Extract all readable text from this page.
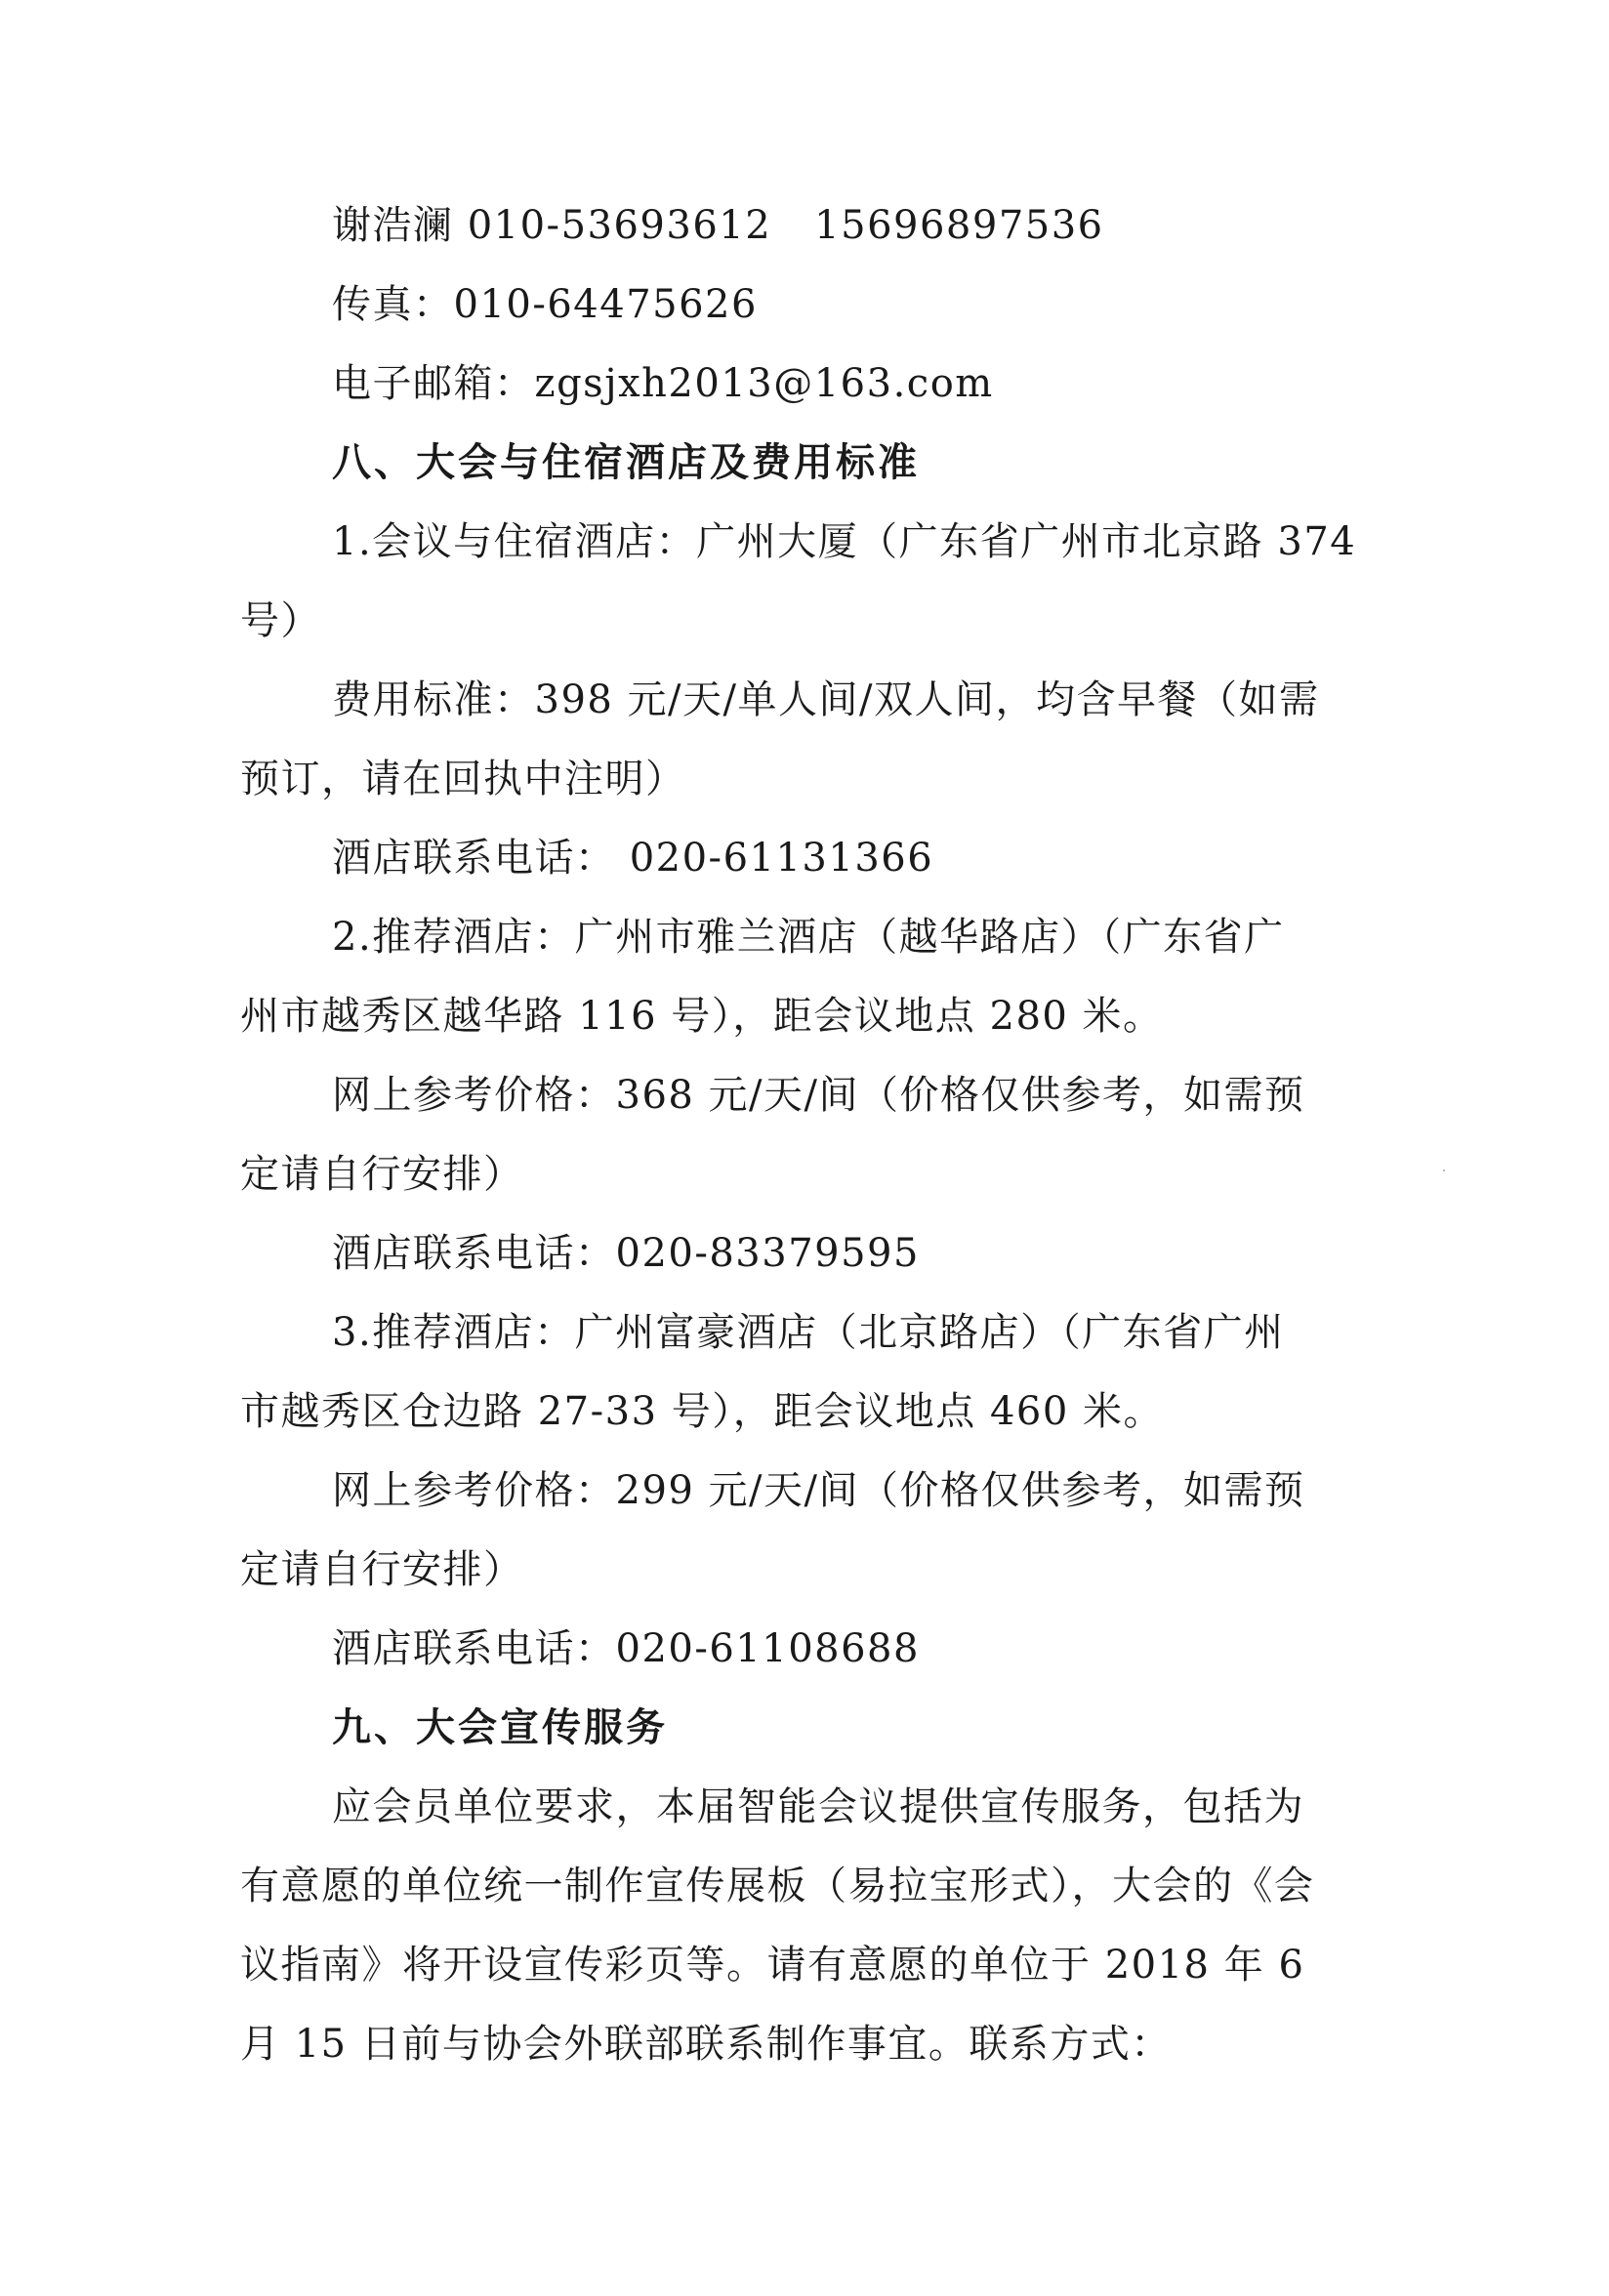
谢浩澜 010-53693612 15696897536

传真：010-64475626

电子邮箱：zgsjxh2013@163.com

八、大会与住宿酒店及费用标准

1.会议与住宿酒店：广州大厦（广东省广州市北京路 374

号）

费用标准：398 元/天/单人间/双人间，均含早餐（如需

预订，请在回执中注明）

酒店联系电话： 020-61131366

2.推荐酒店：广州市雅兰酒店（越华路店）（广东省广

州市越秀区越华路 116 号），距会议地点 280 米。

网上参考价格：368 元/天/间（价格仅供参考，如需预

定请自行安排）

酒店联系电话：020-83379595

3.推荐酒店：广州富豪酒店（北京路店）（广东省广州

市越秀区仓边路 27-33 号），距会议地点 460 米。

网上参考价格：299 元/天/间（价格仅供参考，如需预

定请自行安排）

酒店联系电话：020-61108688

九、大会宣传服务

应会员单位要求，本届智能会议提供宣传服务，包括为

有意愿的单位统一制作宣传展板（易拉宝形式），大会的《会

议指南》将开设宣传彩页等。请有意愿的单位于 2018 年 6

月 15 日前与协会外联部联系制作事宜。联系方式：
